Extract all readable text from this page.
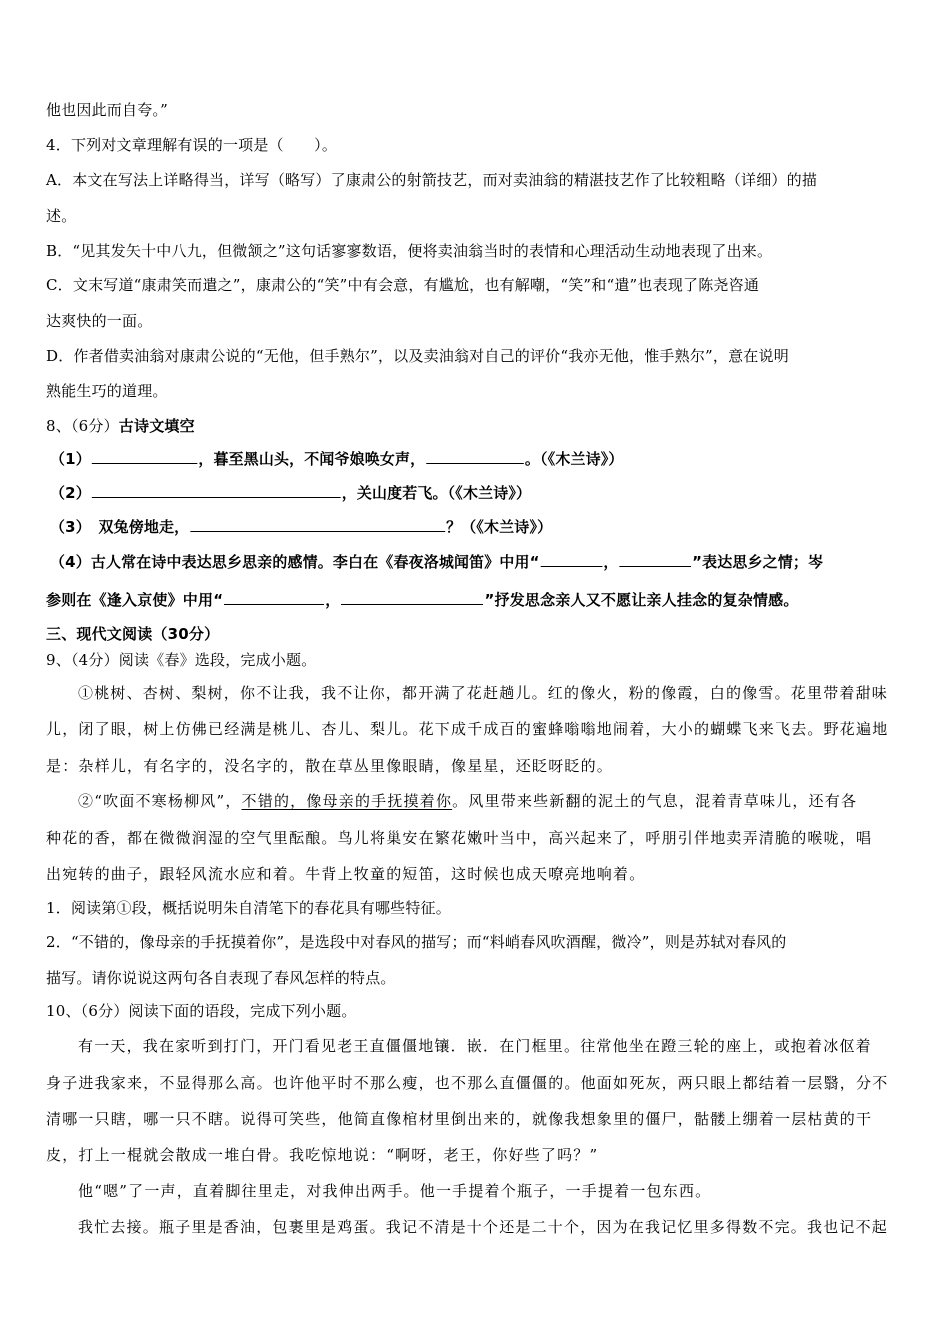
他也因此而自夸。”
4．下列对文章理解有误的一项是（　　）。
A．本文在写法上详略得当，详写（略写）了康肃公的射箭技艺，而对卖油翁的精湛技艺作了比较粗略（详细）的描
述。
B．“见其发矢十中八九，但微颔之”这句话寥寥数语，便将卖油翁当时的表情和心理活动生动地表现了出来。
C．文末写道“康肃笑而遣之”，康肃公的“笑”中有会意，有尴尬，也有解嘲，“笑”和“遣”也表现了陈尧咨通
达爽快的一面。
D．作者借卖油翁对康肃公说的“无他，但手熟尔”，以及卖油翁对自己的评价“我亦无他，惟手熟尔”，意在说明
熟能生巧的道理。
8、（6分）古诗文填空
（1）	，暮至黑山头，不闻爷娘唤女声，	。（《木兰诗》）
（2）	，关山度若飞。（《木兰诗》）
（3）　双兔傍地走，	？（《木兰诗》）
（4）古人常在诗中表达思乡思亲的感情。李白在《春夜洛城闻笛》中用“	，	”表达思乡之情；岑
参则在《逢入京使》中用“	，	”抒发思念亲人又不愿让亲人挂念的复杂情感。
三、现代文阅读（30分）
9、（4分）阅读《春》选段，完成小题。
①桃树、杏树、梨树，你不让我，我不让你，都开满了花赶趟儿。红的像火，粉的像霞，白的像雪。花里带着甜味
儿，闭了眼，树上仿佛已经满是桃儿、杏儿、梨儿。花下成千成百的蜜蜂嗡嗡地闹着，大小的蝴蝶飞来飞去。野花遍地
是：杂样儿，有名字的，没名字的，散在草丛里像眼睛，像星星，还眨呀眨的。
②“吹面不寒杨柳风”，不错的，像母亲的手抚摸着你。风里带来些新翻的泥土的气息，混着青草味儿，还有各
种花的香，都在微微润湿的空气里酝酿。鸟儿将巢安在繁花嫩叶当中，高兴起来了，呼朋引伴地卖弄清脆的喉咙，唱
出宛转的曲子，跟轻风流水应和着。牛背上牧童的短笛，这时候也成天嘹亮地响着。
1．阅读第①段，概括说明朱自清笔下的春花具有哪些特征。
2．“不错的，像母亲的手抚摸着你”，是选段中对春风的描写；而“料峭春风吹酒醒，微冷”，则是苏轼对春风的
描写。请你说说这两句各自表现了春风怎样的特点。
10、（6分）阅读下面的语段，完成下列小题。
有一天，我在家听到打门，开门看见老王直僵僵地镶．嵌．在门框里。往常他坐在蹬三轮的座上，或抱着冰伛着
身子进我家来，不显得那么高。也许他平时不那么瘦，也不那么直僵僵的。他面如死灰，两只眼上都结着一层翳，分不
清哪一只瞎，哪一只不瞎。说得可笑些，他简直像棺材里倒出来的，就像我想象里的僵尸，骷髅上绷着一层枯黄的干
皮，打上一棍就会散成一堆白骨。我吃惊地说：“啊呀，老王，你好些了吗？”
他“嗯”了一声，直着脚往里走，对我伸出两手。他一手提着个瓶子，一手提着一包东西。
我忙去接。瓶子里是香油，包裹里是鸡蛋。我记不清是十个还是二十个，因为在我记忆里多得数不完。我也记不起
